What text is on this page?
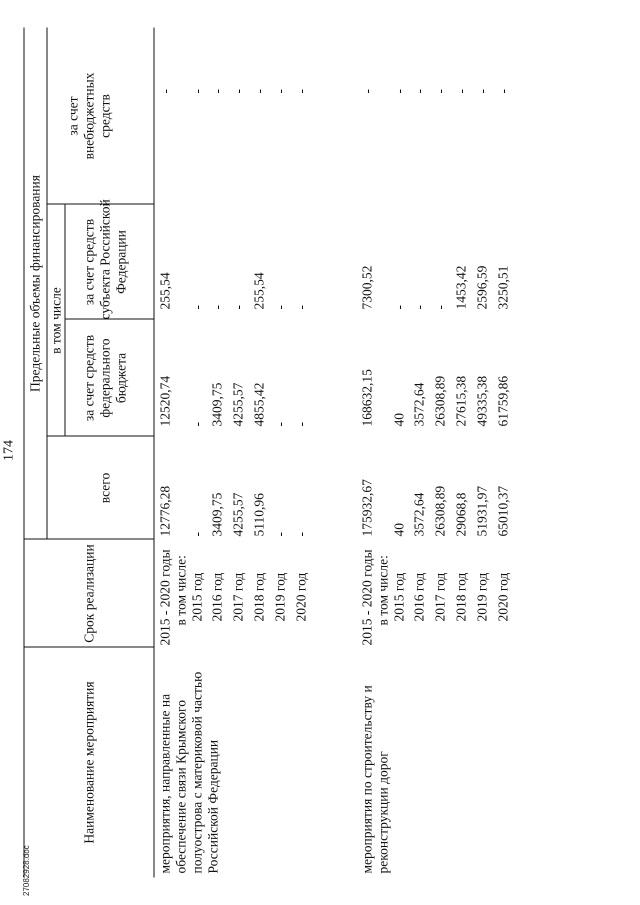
174
Наименование мероприятия
Срок реализации
Предельные объемы финансирования
всего
в том числе
за счет средств федерального бюджета
за счет средств субъекта Российской Федерации
за счет внебюджетных средств
мероприятия, направленные на обеспечение связи Крымского полуострова с материковой частью Российской Федерации	мероприятия по строительству и реконструкции дорог
2015 - 2020 годы
12776,28
12520,74
255,54
-
в том числе: 2015 год
-
-
-
-
2016 год
3409,75
3409,75
-
-
2017 год
4255,57
4255,57
-
-
2018 год
5110,96
4855,42
255,54
-
2019 год
-
-
-
-
2020 год
-
-
-
-
2015 - 2020 годы
175932,67
168632,15
7300,52
-
в том числе: 2015 год
40
40
-
-
2016 год
3572,64
3572,64
-
-
2017 год
26308,89
26308,89
-
-
2018 год
29068,8
27615,38
1453,42
-
2019 год
51931,97
49335,38
2596,59
-
2020 год
65010,37
61759,86
3250,51
-
27082928.doc
